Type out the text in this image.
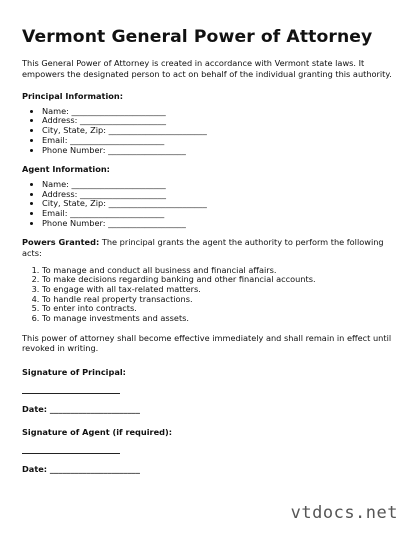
Vermont General Power of Attorney

This General Power of Attorney is created in accordance with Vermont state laws. It empowers the designated person to act on behalf of the individual granting this authority.

Principal Information:
• Name: _______________________
• Address: _____________________
• City, State, Zip: ________________________
• Email: _______________________
• Phone Number: ___________________
Agent Information:
• Name: _______________________
• Address: _____________________
• City, State, Zip: ________________________
• Email: _______________________
• Phone Number: ___________________

Powers Granted: The principal grants the agent the authority to perform the following acts:

1. To manage and conduct all business and financial affairs.
2. To make decisions regarding banking and other financial accounts.
3. To engage with all tax-related matters.
4. To handle real property transactions.
5. To enter into contracts.
6. To manage investments and assets.

This power of attorney shall become effective immediately and shall remain in effect until revoked in writing.

Signature of Principal:
Date: ______________________
Signature of Agent (if required):
Date: ______________________
vtdocs.net
